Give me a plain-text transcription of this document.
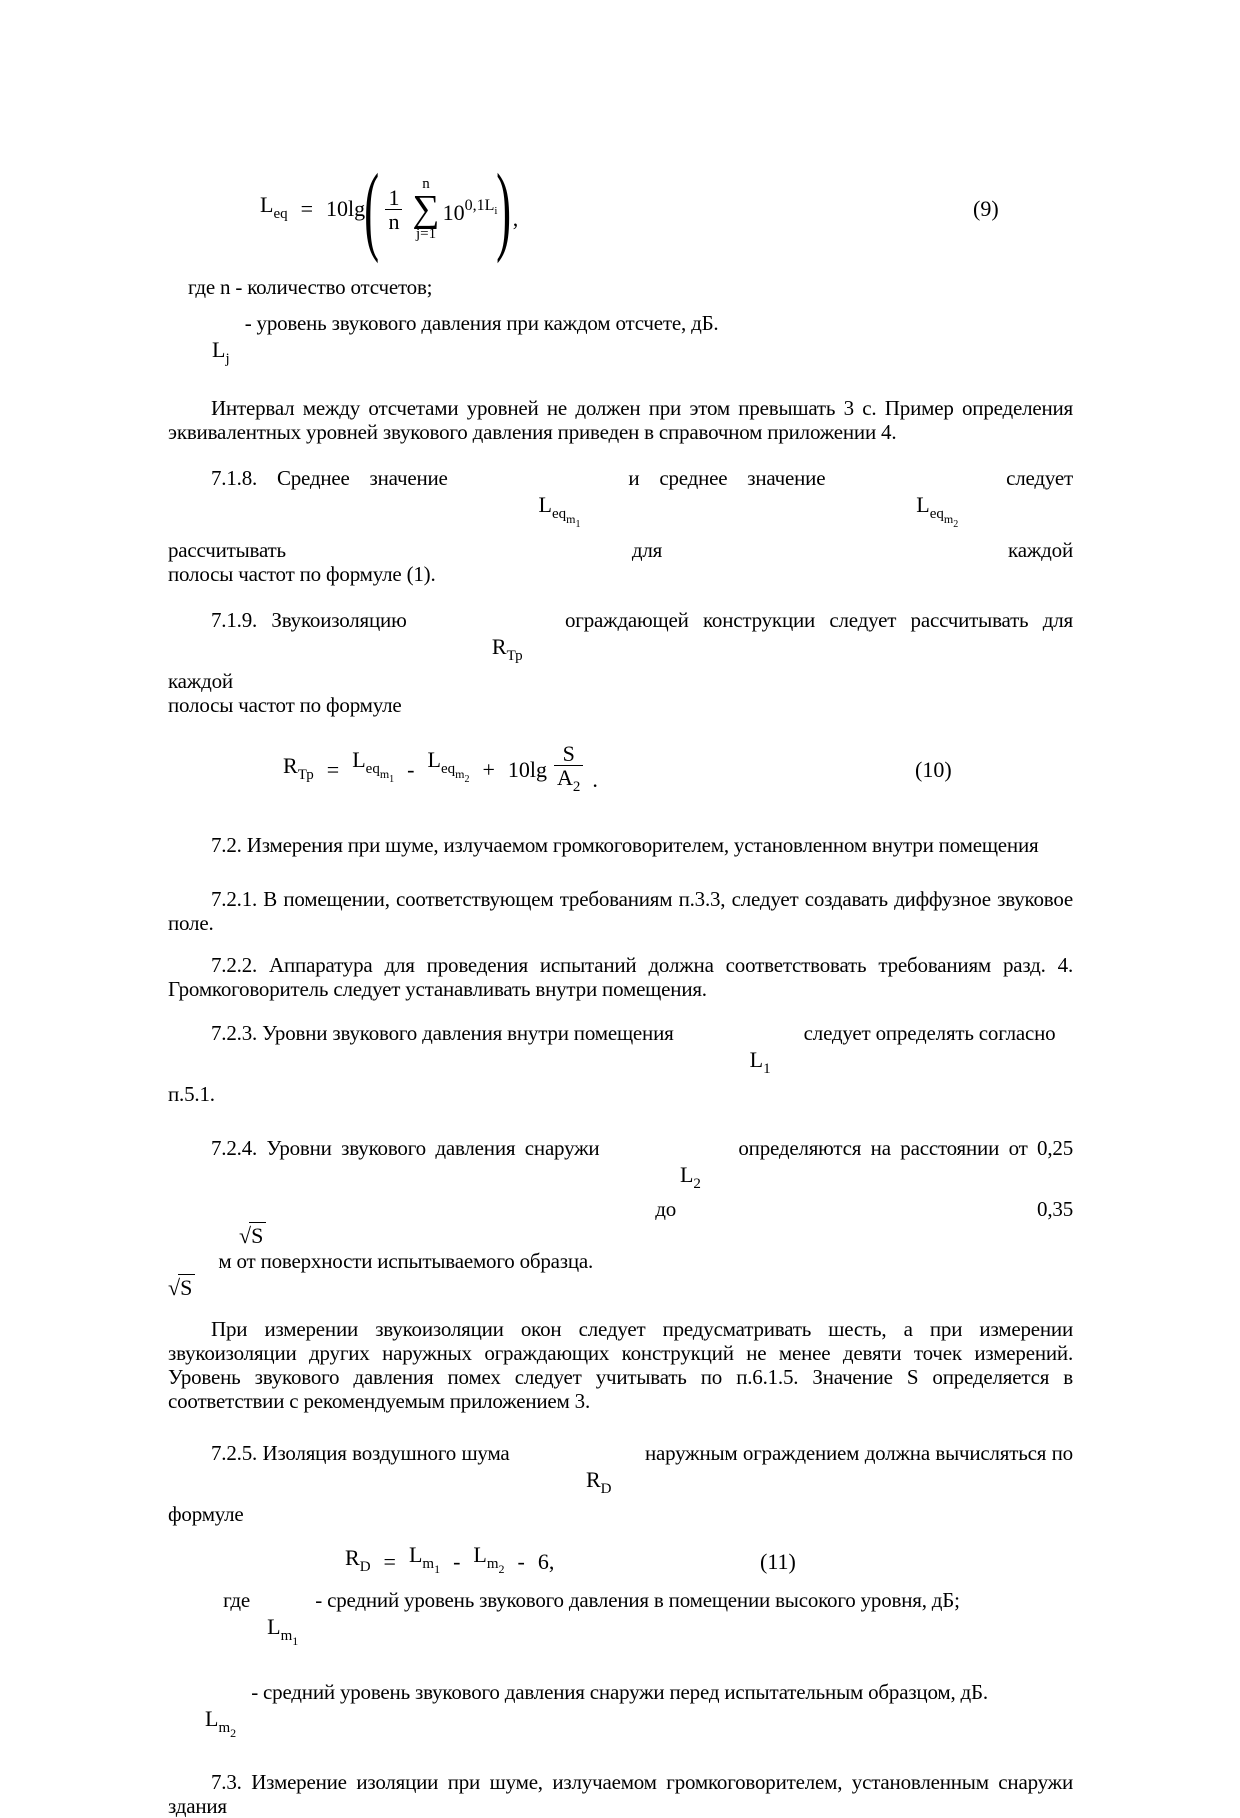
$L_{eq} = 10\lg$ ( $\frac{1}{n}$
n
∑
j=1
$10^{0,1L_i}$ ) ,	(9)
где n - количество отсчетов;
$L_j$ - уровень звукового давления при каждом отсчете, дБ.
Интервал между отсчетами уровней не должен при этом превышать 3 с. Пример определения эквивалентных уровней звукового давления приведен в справочном приложении 4.
7.1.8. Среднее значение $L_{eqm1}$ и среднее значение $L_{eqm2}$ следует рассчитывать для каждой
полосы частот по формуле (1).
7.1.9. Звукоизоляцию $R_{Тр}$ ограждающей конструкции следует рассчитывать для каждой
полосы частот по формуле
$R_{Тр} = L_{eqm1} - L_{eqm2} + 10\lg \frac{S}{A_2}$ .	(10)
7.2. Измерения при шуме, излучаемом громкоговорителем, установленном внутри помещения
7.2.1. В помещении, соответствующем требованиям п.3.3, следует создавать диффузное звуковое поле.
7.2.2. Аппаратура для проведения испытаний должна соответствовать требованиям разд. 4. Громкоговоритель следует устанавливать внутри помещения.
7.2.3. Уровни звукового давления внутри помещения $L_1$ следует определять согласно п.5.1.
7.2.4. Уровни звукового давления снаружи $L_2$ определяются на расстоянии от 0,25 √S до 0,35
√S м от поверхности испытываемого образца.
При измерении звукоизоляции окон следует предусматривать шесть, а при измерении звукоизоляции других наружных ограждающих конструкций не менее девяти точек измерений. Уровень звукового давления помех следует учитывать по п.6.1.5. Значение S определяется в соответствии с рекомендуемым приложением 3.
7.2.5. Изоляция воздушного шума $R_D$ наружным ограждением должна вычисляться по
формуле
$R_D = L_{m1} - L_{m2} - 6$,	(11)
где $L_{m1}$ - средний уровень звукового давления в помещении высокого уровня, дБ;
$L_{m2}$ - средний уровень звукового давления снаружи перед испытательным образцом, дБ.
7.3. Измерение изоляции при шуме, излучаемом громкоговорителем, установленным снаружи здания
